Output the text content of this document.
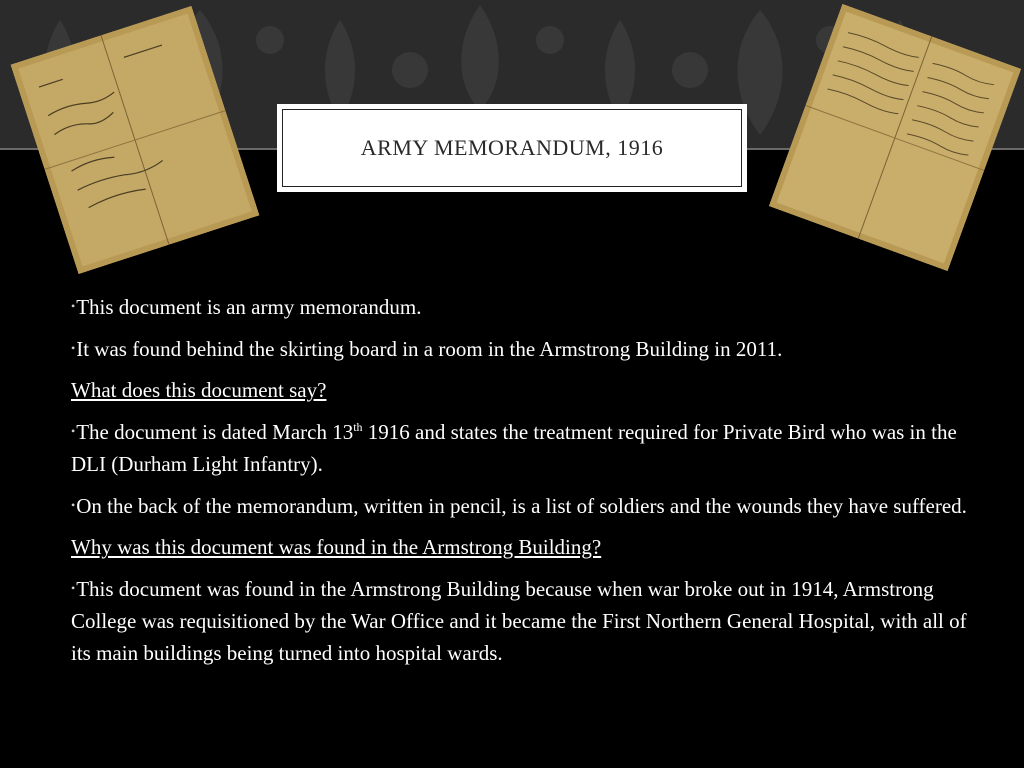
ARMY MEMORANDUM, 1916

•This document is an army memorandum.

•It was found behind the skirting board in a room in the Armstrong Building in 2011.

What does this document say?

•The document is dated March 13th 1916 and states the treatment required for Private Bird who was in the DLI (Durham Light Infantry).

•On the back of the memorandum, written in pencil, is a list of soldiers and the wounds they have suffered.

Why was this document was found in the Armstrong Building?

•This document was found in the Armstrong Building because when war broke out in 1914, Armstrong College was requisitioned by the War Office and it became the First Northern General Hospital, with all of its main buildings being turned into hospital wards.
